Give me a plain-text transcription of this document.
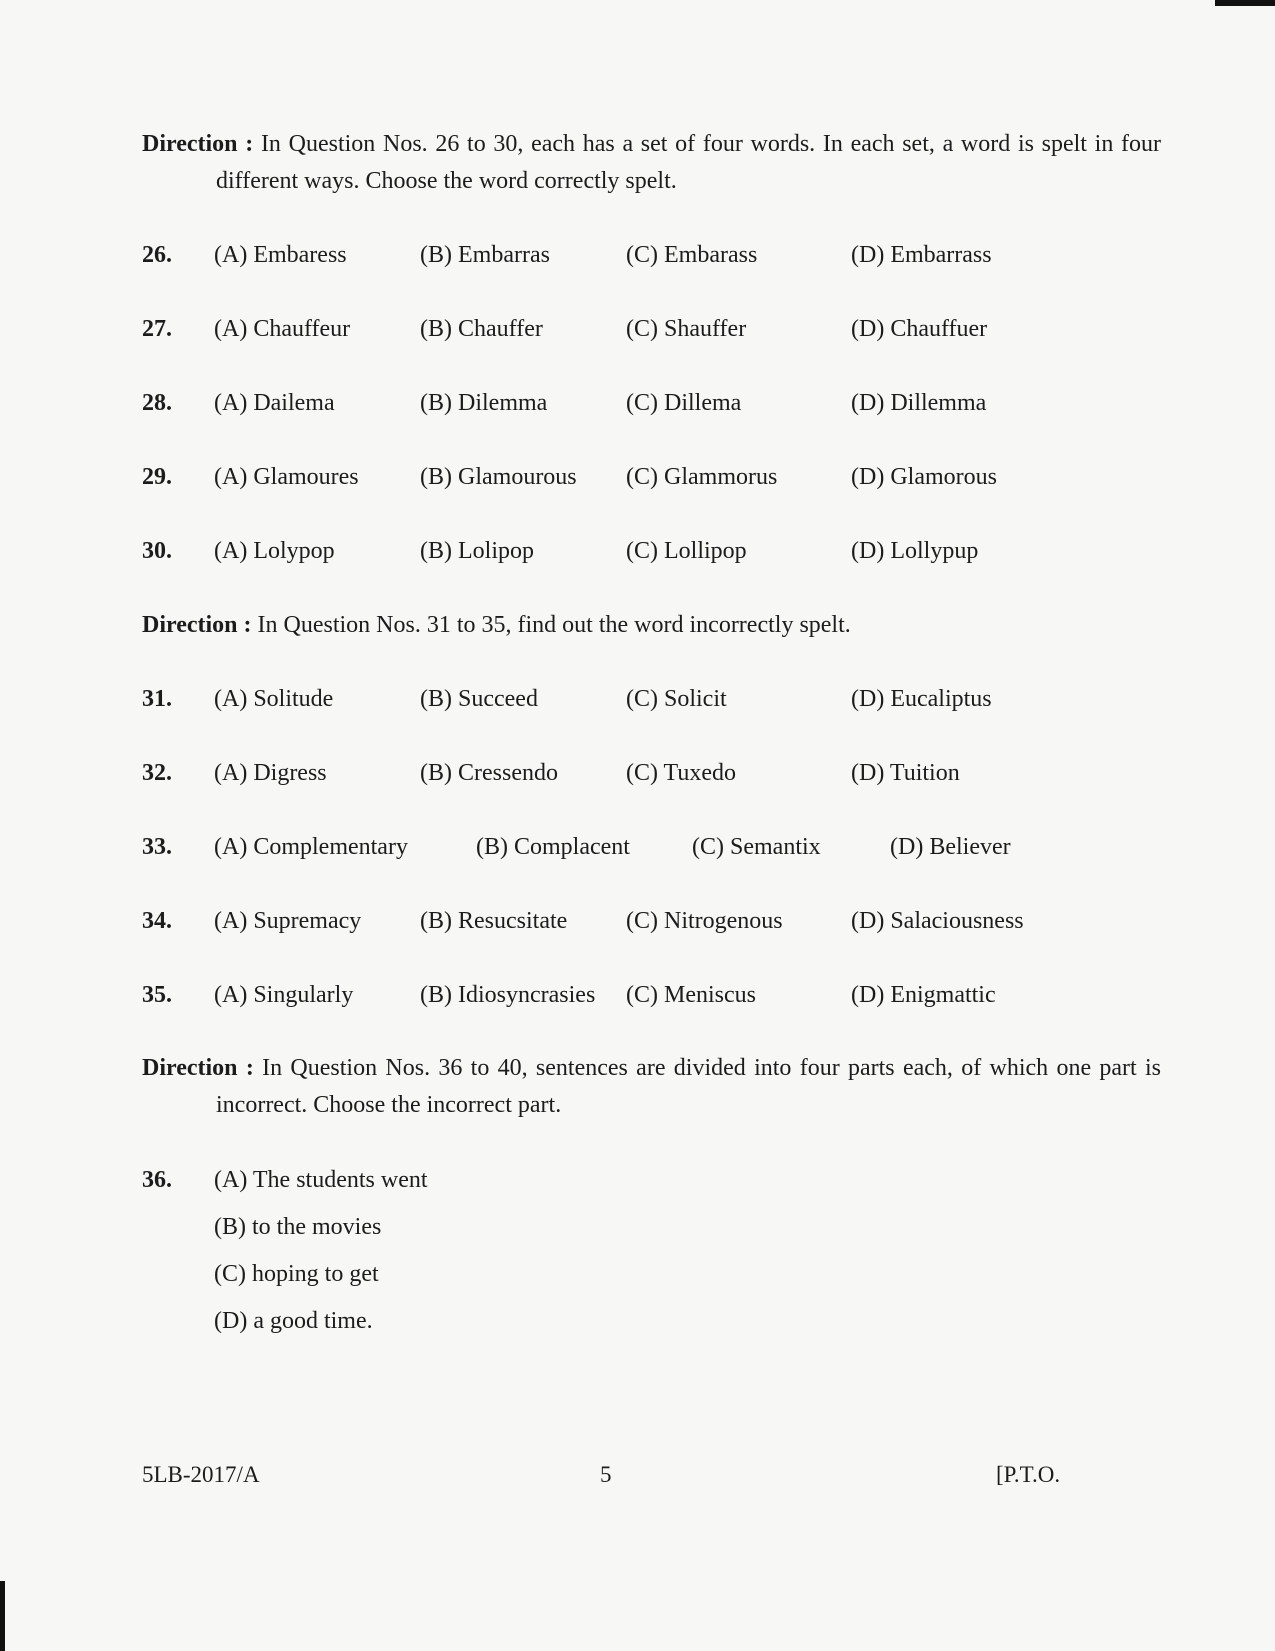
Direction : In Question Nos. 26 to 30, each has a set of four words. In each set, a word is spelt in four different ways. Choose the word correctly spelt.
26. (A) Embaress	(B) Embarras	(C) Embarass	(D) Embarrass
27. (A) Chauffeur	(B) Chauffer	(C) Shauffer	(D) Chauffuer
28. (A) Dailema	(B) Dilemma	(C) Dillema	(D) Dillemma
29. (A) Glamoures	(B) Glamourous (C) Glammorus	(D) Glamorous
30. (A) Lolypop	(B) Lolipop	(C) Lollipop	(D) Lollypup
Direction : In Question Nos. 31 to 35, find out the word incorrectly spelt.
31. (A) Solitude	(B) Succeed	(C) Solicit	(D) Eucaliptus
32. (A) Digress	(B) Cressendo	(C) Tuxedo	(D) Tuition
33. (A) Complementary	(B) Complacent	(C) Semantix	(D) Believer
34. (A) Supremacy (B) Resucsitate (C) Nitrogenous	(D) Salaciousness
35. (A) Singularly	(B) Idiosyncrasies (C) Meniscus	(D) Enigmattic
Direction : In Question Nos. 36 to 40, sentences are divided into four parts each, of which one part is incorrect. Choose the incorrect part.
36. (A) The students went
(B) to the movies
(C) hoping to get
(D) a good time.
5LB-2017/A	5	[P.T.O.
